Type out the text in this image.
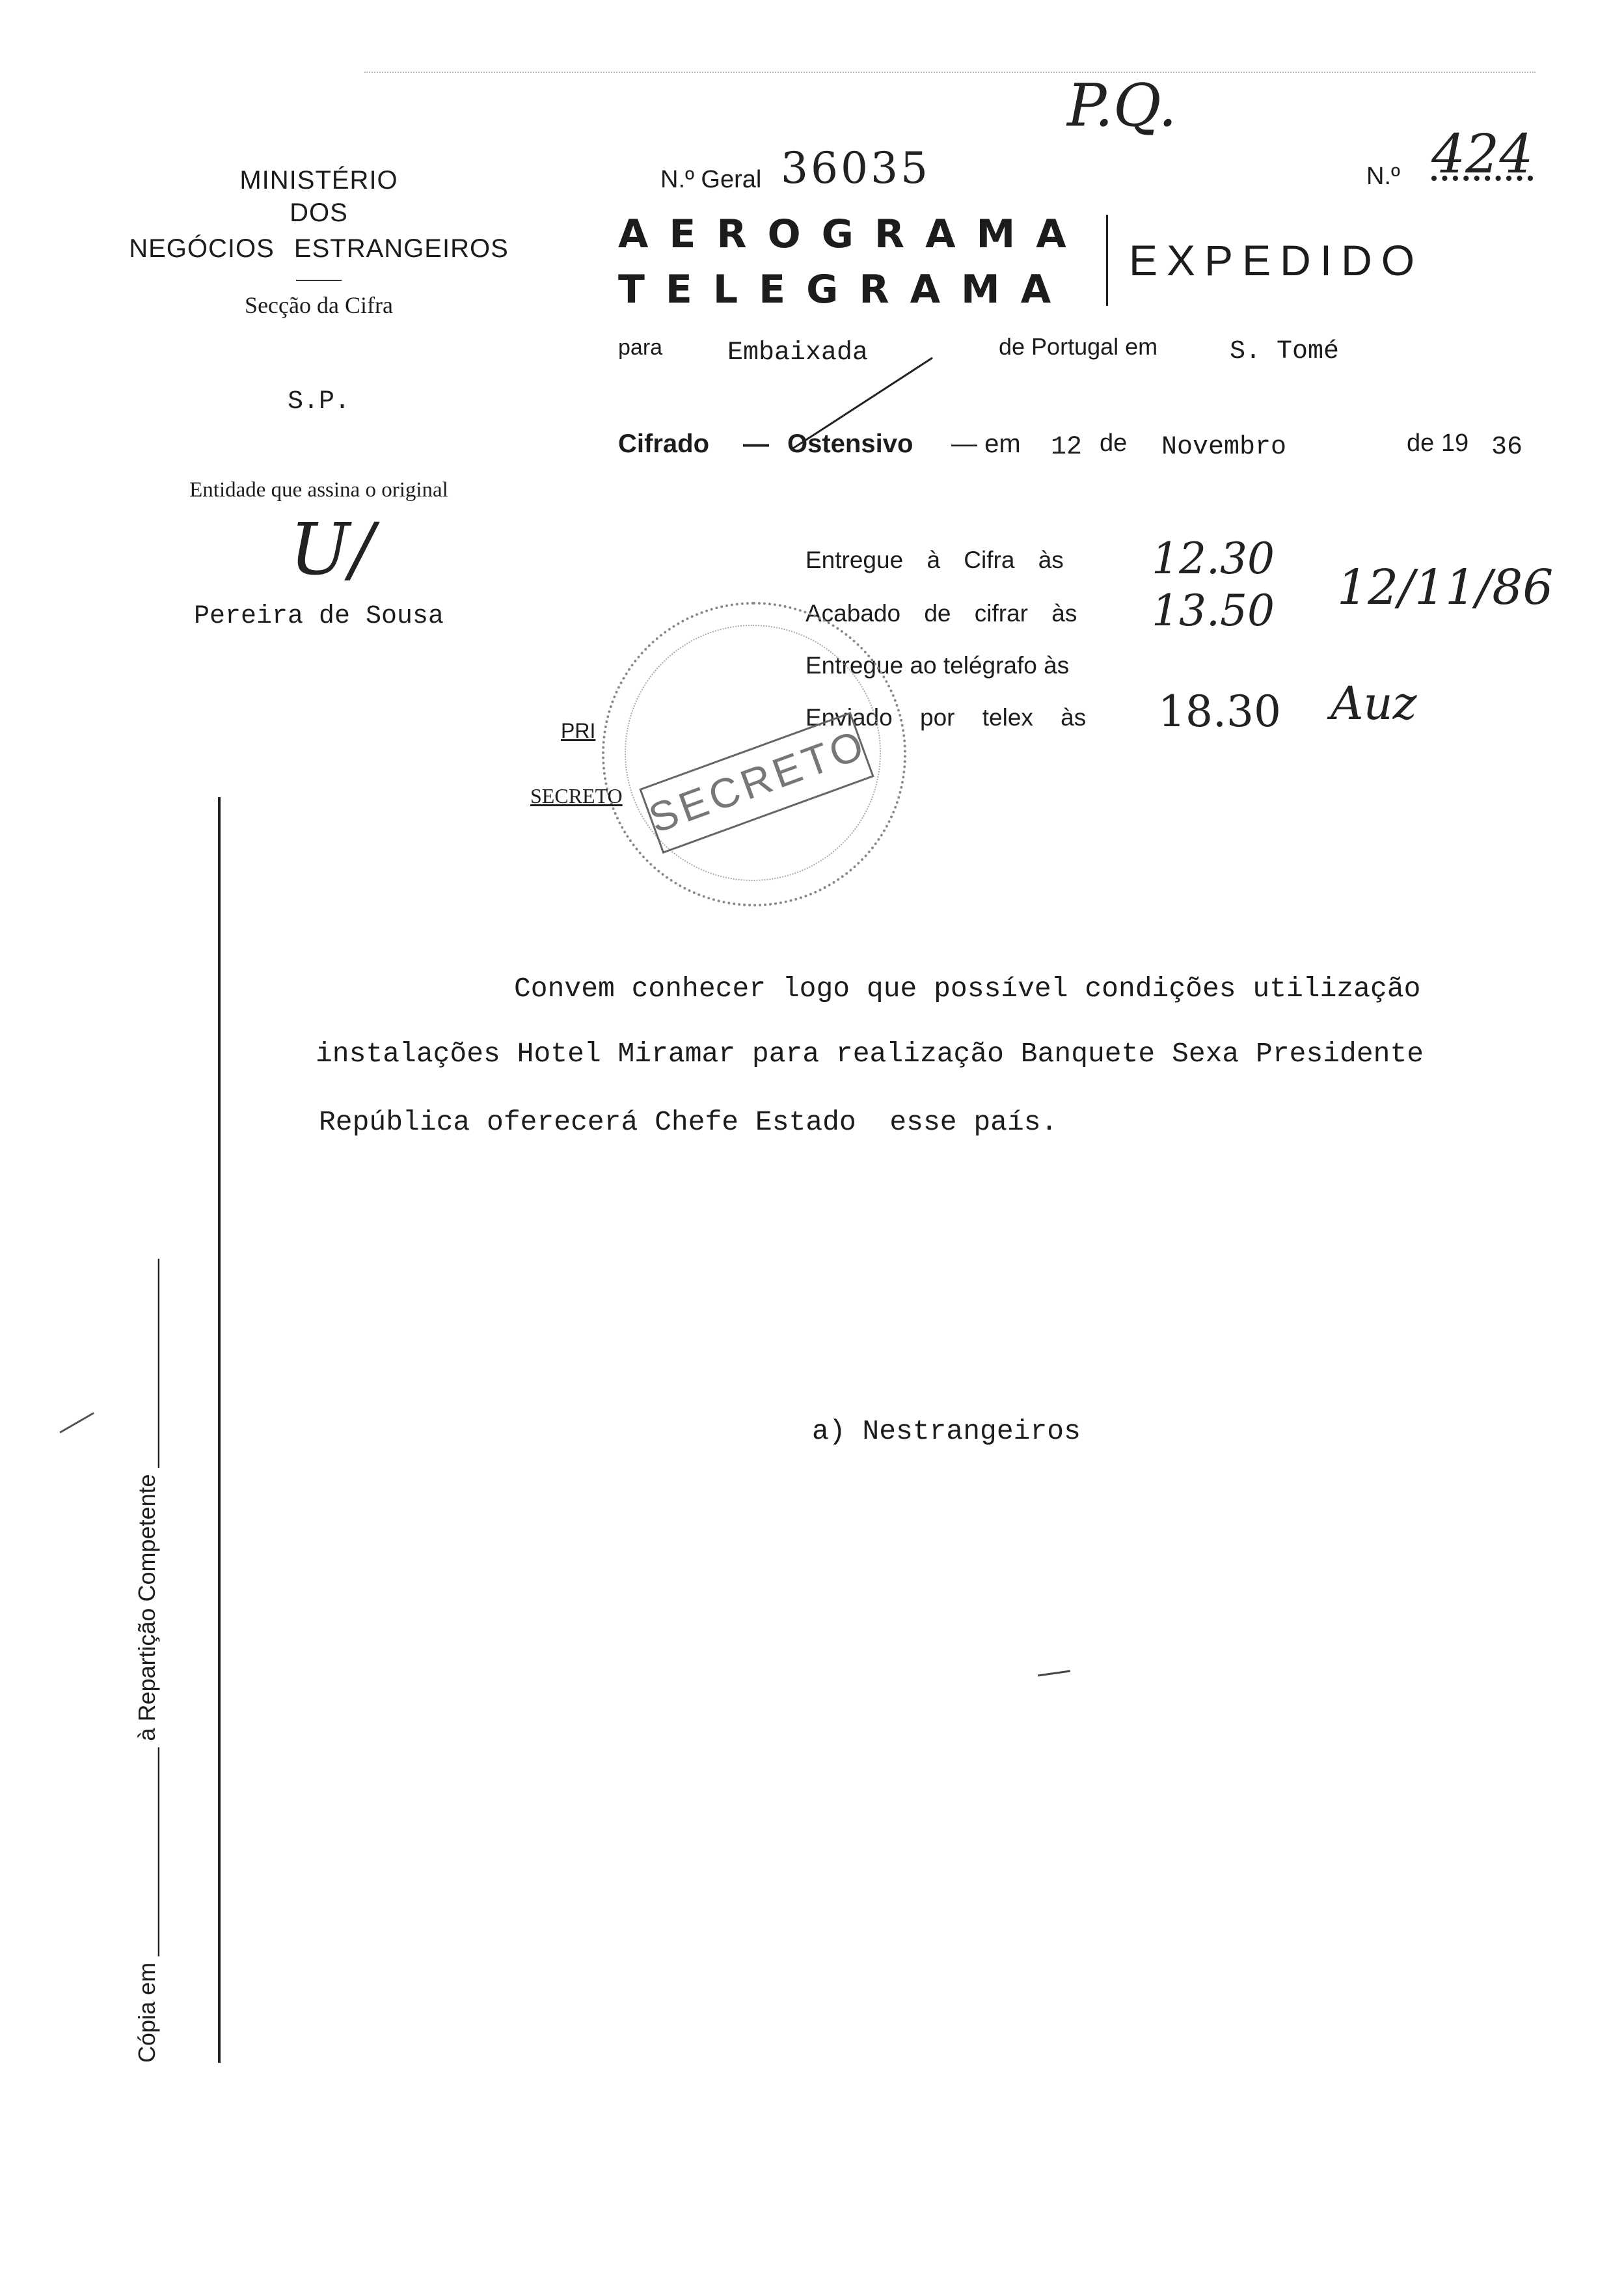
MINISTÉRIO
DOS
NEGÓCIOS ESTRANGEIROS
Secção da Cifra
S.P.
Entidade que assina o original
U/
Pereira de Sousa
P.Q.
N.º Geral 36035	N.º 424
AEROGRAMA
TELEGRAMA
EXPEDIDO
para Embaixada	de Portugal em	S. Tomé
Cifrado — Ostensivo — em 12 de Novembro	de 19 36
Entregue à Cifra às 12.30
Acabado de cifrar às 13.50 12/11/86
Entregue ao telégrafo às
Enviado por telex às 18.30 Auz
PRI
SECRETO SECRETO
Convem conhecer logo que possível condições utilização
instalações Hotel Miramar para realização Banquete Sexa Presidente
República oferecerá Chefe Estado  esse país.
a) Nestrangeiros
Cópia em ________________ à Repartição Competente ________________
